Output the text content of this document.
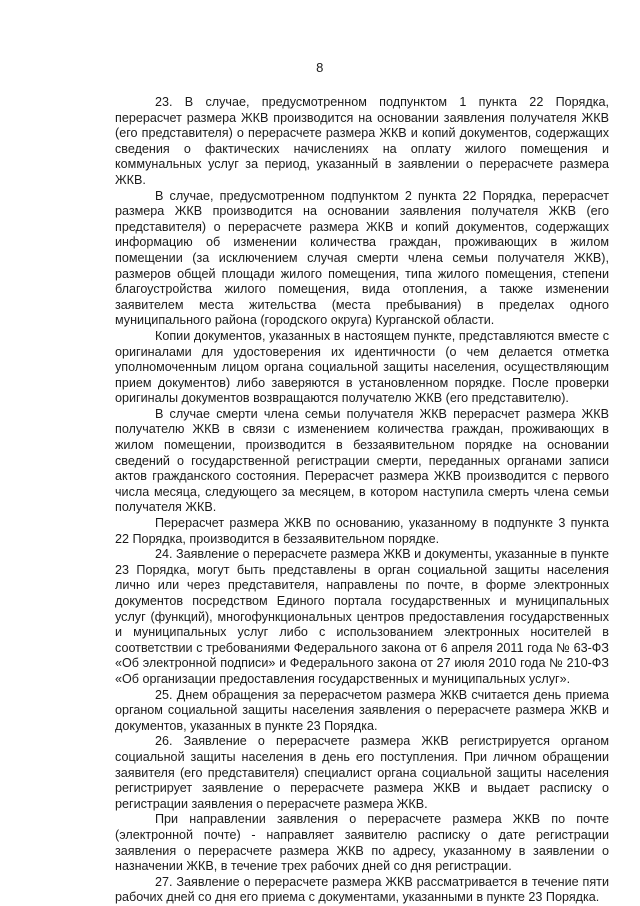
8

23. В случае, предусмотренном подпунктом 1 пункта 22 Порядка, перерасчет размера ЖКВ производится на основании заявления получателя ЖКВ (его представителя) о перерасчете размера ЖКВ и копий документов, содержащих сведения о фактических начислениях на оплату жилого помещения и коммунальных услуг за период, указанный в заявлении о перерасчете размера ЖКВ.

В случае, предусмотренном подпунктом 2 пункта 22 Порядка, перерасчет размера ЖКВ производится на основании заявления получателя ЖКВ (его представителя) о перерасчете размера ЖКВ и копий документов, содержащих информацию об изменении количества граждан, проживающих в жилом помещении (за исключением случая смерти члена семьи получателя ЖКВ), размеров общей площади жилого помещения, типа жилого помещения, степени благоустройства жилого помещения, вида отопления, а также изменении заявителем места жительства (места пребывания) в пределах одного муниципального района (городского округа) Курганской области.

Копии документов, указанных в настоящем пункте, представляются вместе с оригиналами для удостоверения их идентичности (о чем делается отметка уполномоченным лицом органа социальной защиты населения, осуществляющим прием документов) либо заверяются в установленном порядке. После проверки оригиналы документов возвращаются получателю ЖКВ (его представителю).

В случае смерти члена семьи получателя ЖКВ перерасчет размера ЖКВ получателю ЖКВ в связи с изменением количества граждан, проживающих в жилом помещении, производится в беззаявительном порядке на основании сведений о государственной регистрации смерти, переданных органами записи актов гражданского состояния. Перерасчет размера ЖКВ производится с первого числа месяца, следующего за месяцем, в котором наступила смерть члена семьи получателя ЖКВ.

Перерасчет размера ЖКВ по основанию, указанному в подпункте 3 пункта 22 Порядка, производится в беззаявительном порядке.

24. Заявление о перерасчете размера ЖКВ и документы, указанные в пункте 23 Порядка, могут быть представлены в орган социальной защиты населения лично или через представителя, направлены по почте, в форме электронных документов посредством Единого портала государственных и муниципальных услуг (функций), многофункциональных центров предоставления государственных и муниципальных услуг либо с использованием электронных носителей в соответствии с требованиями Федерального закона от 6 апреля 2011 года № 63-ФЗ «Об электронной подписи» и Федерального закона от 27 июля 2010 года № 210-ФЗ «Об организации предоставления государственных и муниципальных услуг».

25. Днем обращения за перерасчетом размера ЖКВ считается день приема органом социальной защиты населения заявления о перерасчете размера ЖКВ и документов, указанных в пункте 23 Порядка.

26. Заявление о перерасчете размера ЖКВ регистрируется органом социальной защиты населения в день его поступления. При личном обращении заявителя (его представителя) специалист органа социальной защиты населения регистрирует заявление о перерасчете размера ЖКВ и выдает расписку о регистрации заявления о перерасчете размера ЖКВ.

При направлении заявления о перерасчете размера ЖКВ по почте (электронной почте) - направляет заявителю расписку о дате регистрации заявления о перерасчете размера ЖКВ по адресу, указанному в заявлении о назначении ЖКВ, в течение трех рабочих дней со дня регистрации.

27. Заявление о перерасчете размера ЖКВ рассматривается в течение пяти рабочих дней со дня его приема с документами, указанными в пункте 23 Порядка.
